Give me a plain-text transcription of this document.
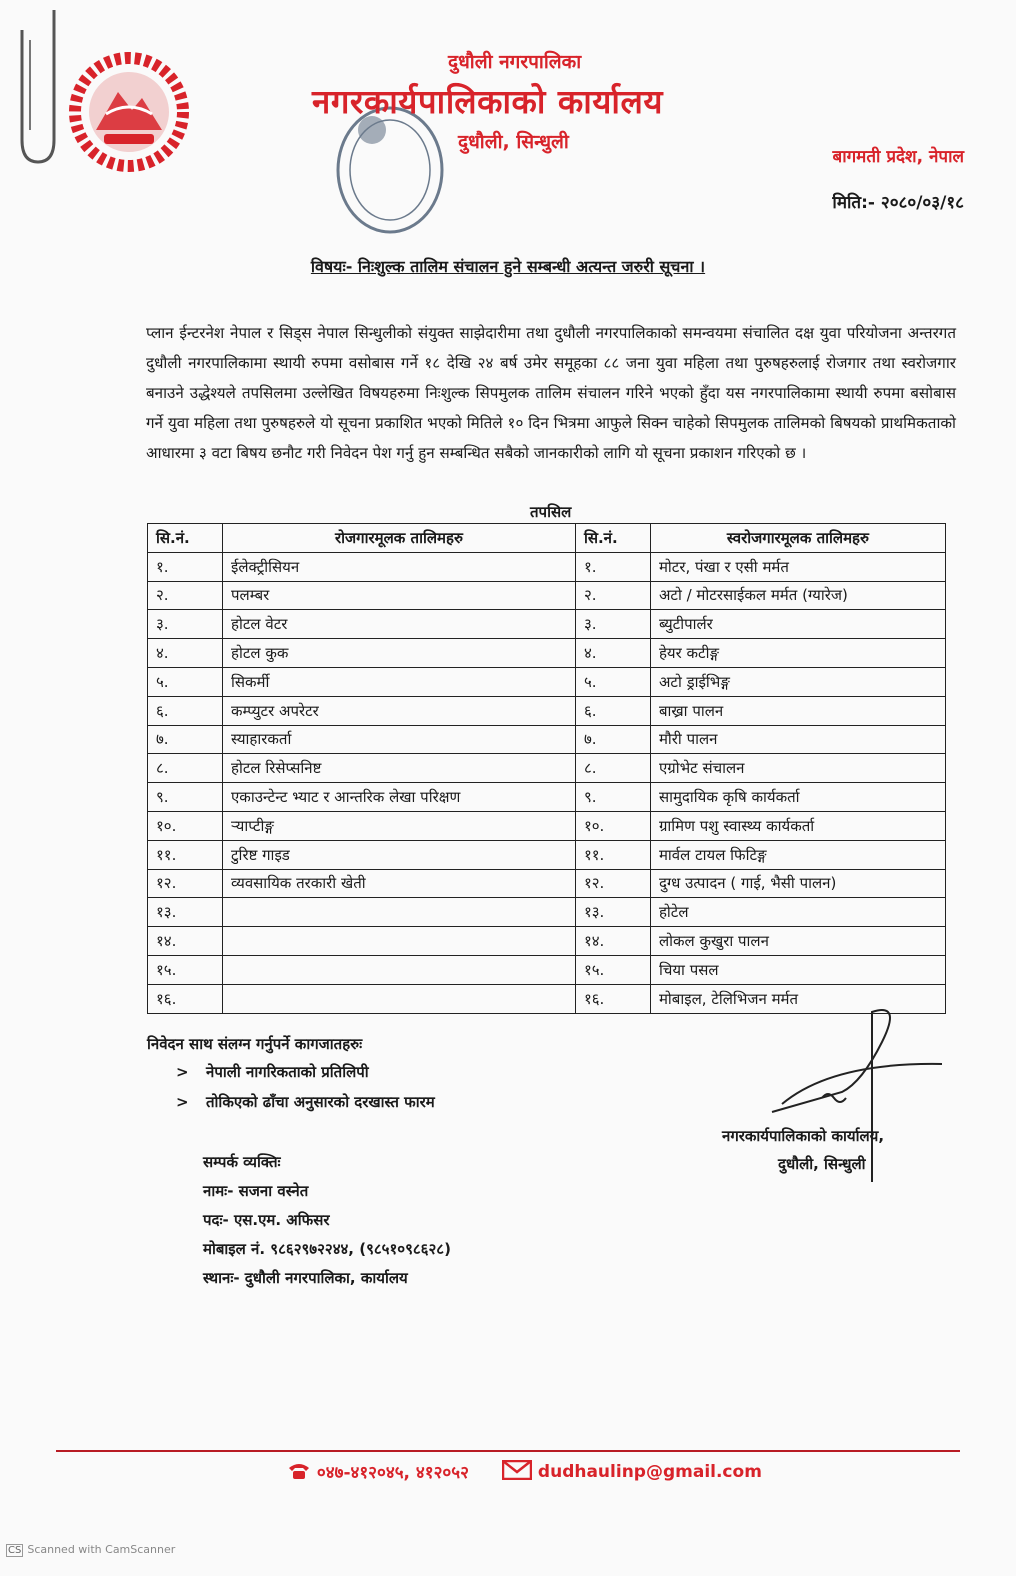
दुधौली नगरपालिका
नगरकार्यपालिकाको कार्यालय
दुधौली, सिन्धुली
बागमती प्रदेश, नेपाल
मिति:- २०८०/०३/१८
विषयः- निःशुल्क तालिम संचालन हुने सम्बन्धी अत्यन्त जरुरी सूचना ।
प्लान ईन्टरनेश नेपाल र सिड्स नेपाल सिन्धुलीको संयुक्त साझेदारीमा तथा दुधौली नगरपालिकाको समन्वयमा संचालित दक्ष युवा परियोजना अन्तरगत दुधौली नगरपालिकामा स्थायी रुपमा वसोबास गर्ने १८ देखि २४ बर्ष उमेर समूहका ८८ जना युवा महिला तथा पुरुषहरुलाई रोजगार तथा स्वरोजगार बनाउने उद्धेश्यले तपसिलमा उल्लेखित विषयहरुमा निःशुल्क सिपमुलक तालिम संचालन गरिने भएको हुँदा यस नगरपालिकामा स्थायी रुपमा बसोबास गर्ने युवा महिला तथा पुरुषहरुले यो सूचना प्रकाशित भएको मितिले १० दिन भित्रमा आफुले सिक्न चाहेको सिपमुलक तालिमको बिषयको प्राथमिकताको आधारमा ३ वटा बिषय छनौट गरी निवेदन पेश गर्नु हुन सम्बन्धित सबैको जानकारीको लागि यो सूचना प्रकाशन गरिएको छ ।
तपसिल
सि.नं.	रोजगारमूलक तालिमहरु	सि.नं.	स्वरोजगारमूलक तालिमहरु
१.	ईलेक्ट्रीसियन	१.	मोटर, पंखा र एसी मर्मत
२.	पलम्बर	२.	अटो / मोटरसाईकल मर्मत (ग्यारेज)
३.	होटल वेटर	३.	ब्युटीपार्लर
४.	होटल कुक	४.	हेयर कटीङ्ग
५.	सिकर्मी	५.	अटो ड्राईभिङ्ग
६.	कम्प्युटर अपरेटर	६.	बाख्रा पालन
७.	स्याहारकर्ता	७.	मौरी पालन
८.	होटल रिसेप्सनिष्ट	८.	एग्रोभेट संचालन
९.	एकाउन्टेन्ट भ्याट र आन्तरिक लेखा परिक्षण	९.	सामुदायिक कृषि कार्यकर्ता
१०.	र्‍याप्टीङ्ग	१०.	ग्रामिण पशु स्वास्थ्य कार्यकर्ता
११.	टुरिष्ट गाइड	११.	मार्वल टायल फिटिङ्ग
१२.	व्यवसायिक तरकारी खेती	१२.	दुग्ध उत्पादन ( गाई, भैसी पालन)
१३.		१३.	होटेल
१४.		१४.	लोकल कुखुरा पालन
१५.		१५.	चिया पसल
१६.		१६.	मोबाइल, टेलिभिजन मर्मत
निवेदन साथ संलग्न गर्नुपर्ने कागजातहरुः
> नेपाली नागरिकताको प्रतिलिपी
> तोकिएको ढाँचा अनुसारको दरखास्त फारम
नगरकार्यपालिकाको कार्यालय,
दुधौली, सिन्धुली
सम्पर्क व्यक्तिः
नामः- सजना वस्नेत
पदः- एस.एम. अफिसर
मोबाइल नं. ९८६२९७२२४४, (९८५१०९८६२८)
स्थानः- दुधौली नगरपालिका, कार्यालय
०४७-४१२०४५, ४१२०५२	dudhaulinp@gmail.com
CS Scanned with CamScanner
